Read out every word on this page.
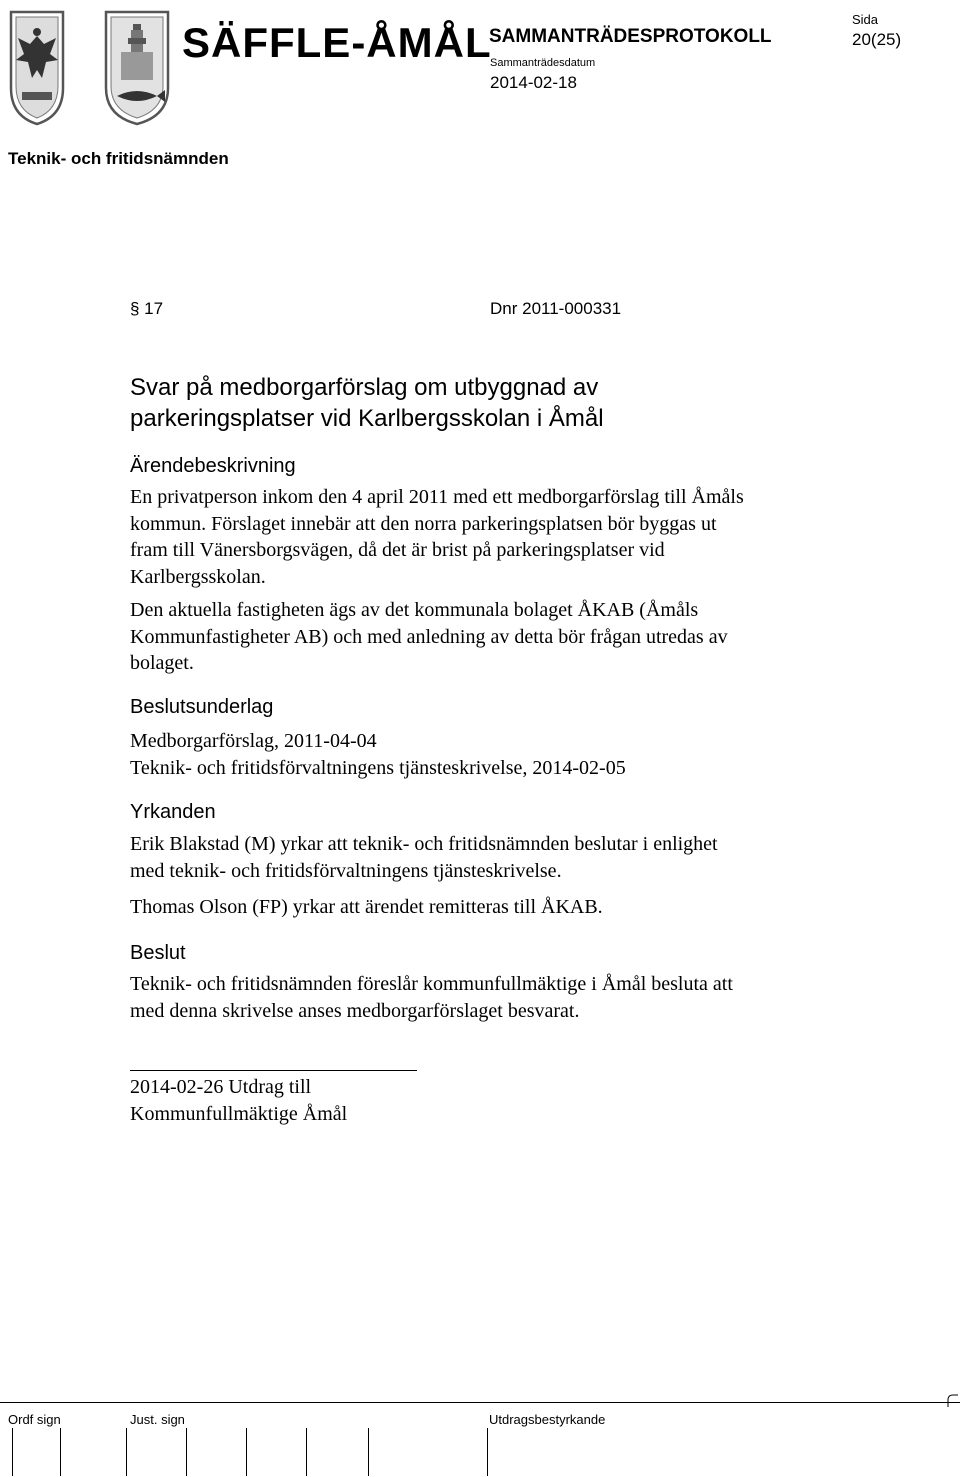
SÄFFLE-ÅMÅL
SAMMANTRÄDESPROTOKOLL
Sammanträdesdatum
2014-02-18
Sida
20(25)
Teknik- och fritidsnämnden
§ 17	Dnr 2011-000331
Svar på medborgarförslag om utbyggnad av
parkeringsplatser vid Karlbergsskolan i Åmål
Ärendebeskrivning
En privatperson inkom den 4 april 2011 med ett medborgarförslag till Åmåls
kommun. Förslaget innebär att den norra parkeringsplatsen bör byggas ut
fram till Vänersborgsvägen, då det är brist på parkeringsplatser vid
Karlbergsskolan.
Den aktuella fastigheten ägs av det kommunala bolaget ÅKAB (Åmåls
Kommunfastigheter AB) och med anledning av detta bör frågan utredas av
bolaget.
Beslutsunderlag
Medborgarförslag, 2011-04-04
Teknik- och fritidsförvaltningens tjänsteskrivelse, 2014-02-05
Yrkanden
Erik Blakstad (M) yrkar att teknik- och fritidsnämnden beslutar i enlighet
med teknik- och fritidsförvaltningens tjänsteskrivelse.
Thomas Olson (FP) yrkar att ärendet remitteras till ÅKAB.
Beslut
Teknik- och fritidsnämnden föreslår kommunfullmäktige i Åmål besluta att
med denna skrivelse anses medborgarförslaget besvarat.
2014-02-26 Utdrag till
Kommunfullmäktige Åmål
Ordf sign	Just. sign	Utdragsbestyrkande
